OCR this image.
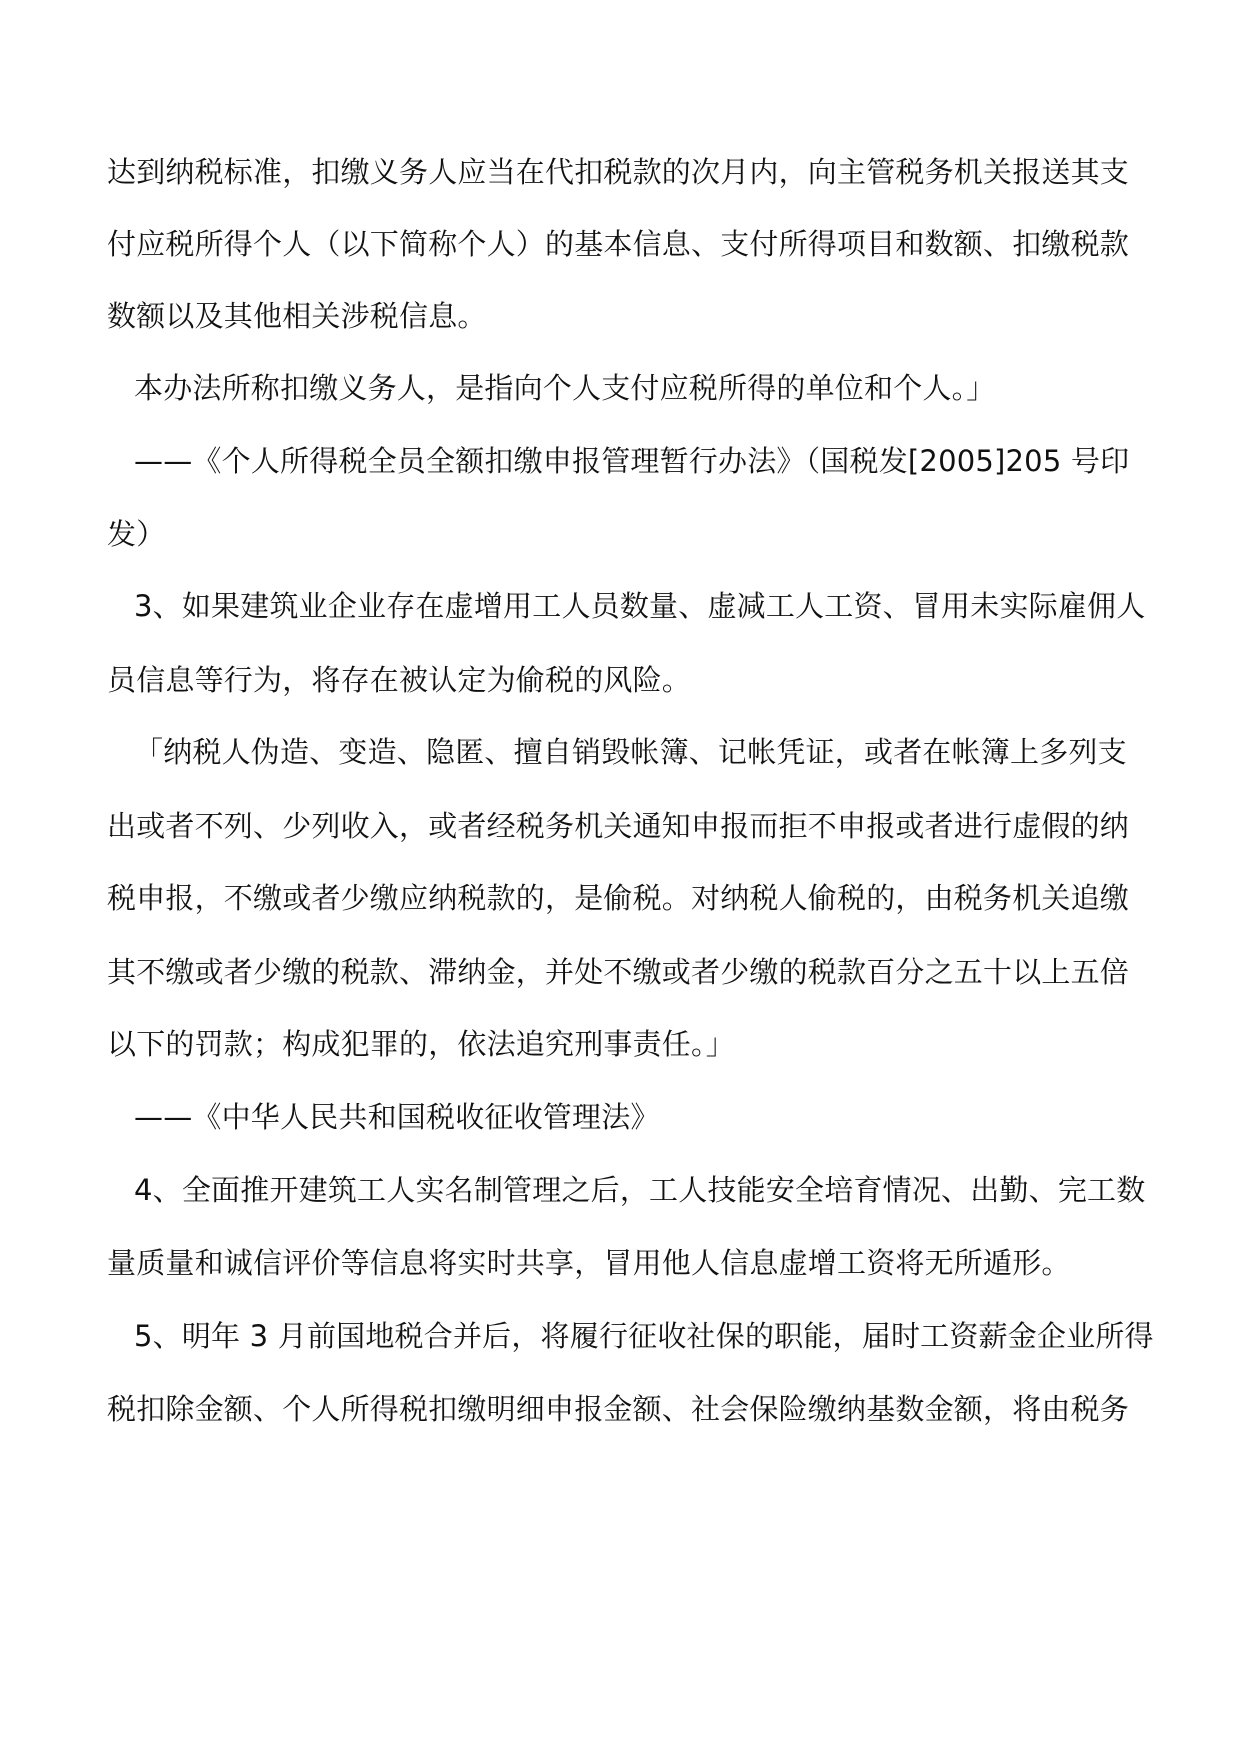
达到纳税标准，扣缴义务人应当在代扣税款的次月内，向主管税务机关报送其支
付应税所得个人（以下简称个人）的基本信息、支付所得项目和数额、扣缴税款
数额以及其他相关涉税信息。
本办法所称扣缴义务人，是指向个人支付应税所得的单位和个人。」
——《个人所得税全员全额扣缴申报管理暂行办法》（国税发[2005]205 号印
发）
3、如果建筑业企业存在虚增用工人员数量、虚减工人工资、冒用未实际雇佣人
员信息等行为，将存在被认定为偷税的风险。
「纳税人伪造、变造、隐匿、擅自销毁帐簿、记帐凭证，或者在帐簿上多列支
出或者不列、少列收入，或者经税务机关通知申报而拒不申报或者进行虚假的纳
税申报，不缴或者少缴应纳税款的，是偷税。对纳税人偷税的，由税务机关追缴
其不缴或者少缴的税款、滞纳金，并处不缴或者少缴的税款百分之五十以上五倍
以下的罚款；构成犯罪的，依法追究刑事责任。」
——《中华人民共和国税收征收管理法》
4、全面推开建筑工人实名制管理之后，工人技能安全培育情况、出勤、完工数
量质量和诚信评价等信息将实时共享，冒用他人信息虚增工资将无所遁形。
5、明年 3 月前国地税合并后，将履行征收社保的职能，届时工资薪金企业所得
税扣除金额、个人所得税扣缴明细申报金额、社会保险缴纳基数金额，将由税务
